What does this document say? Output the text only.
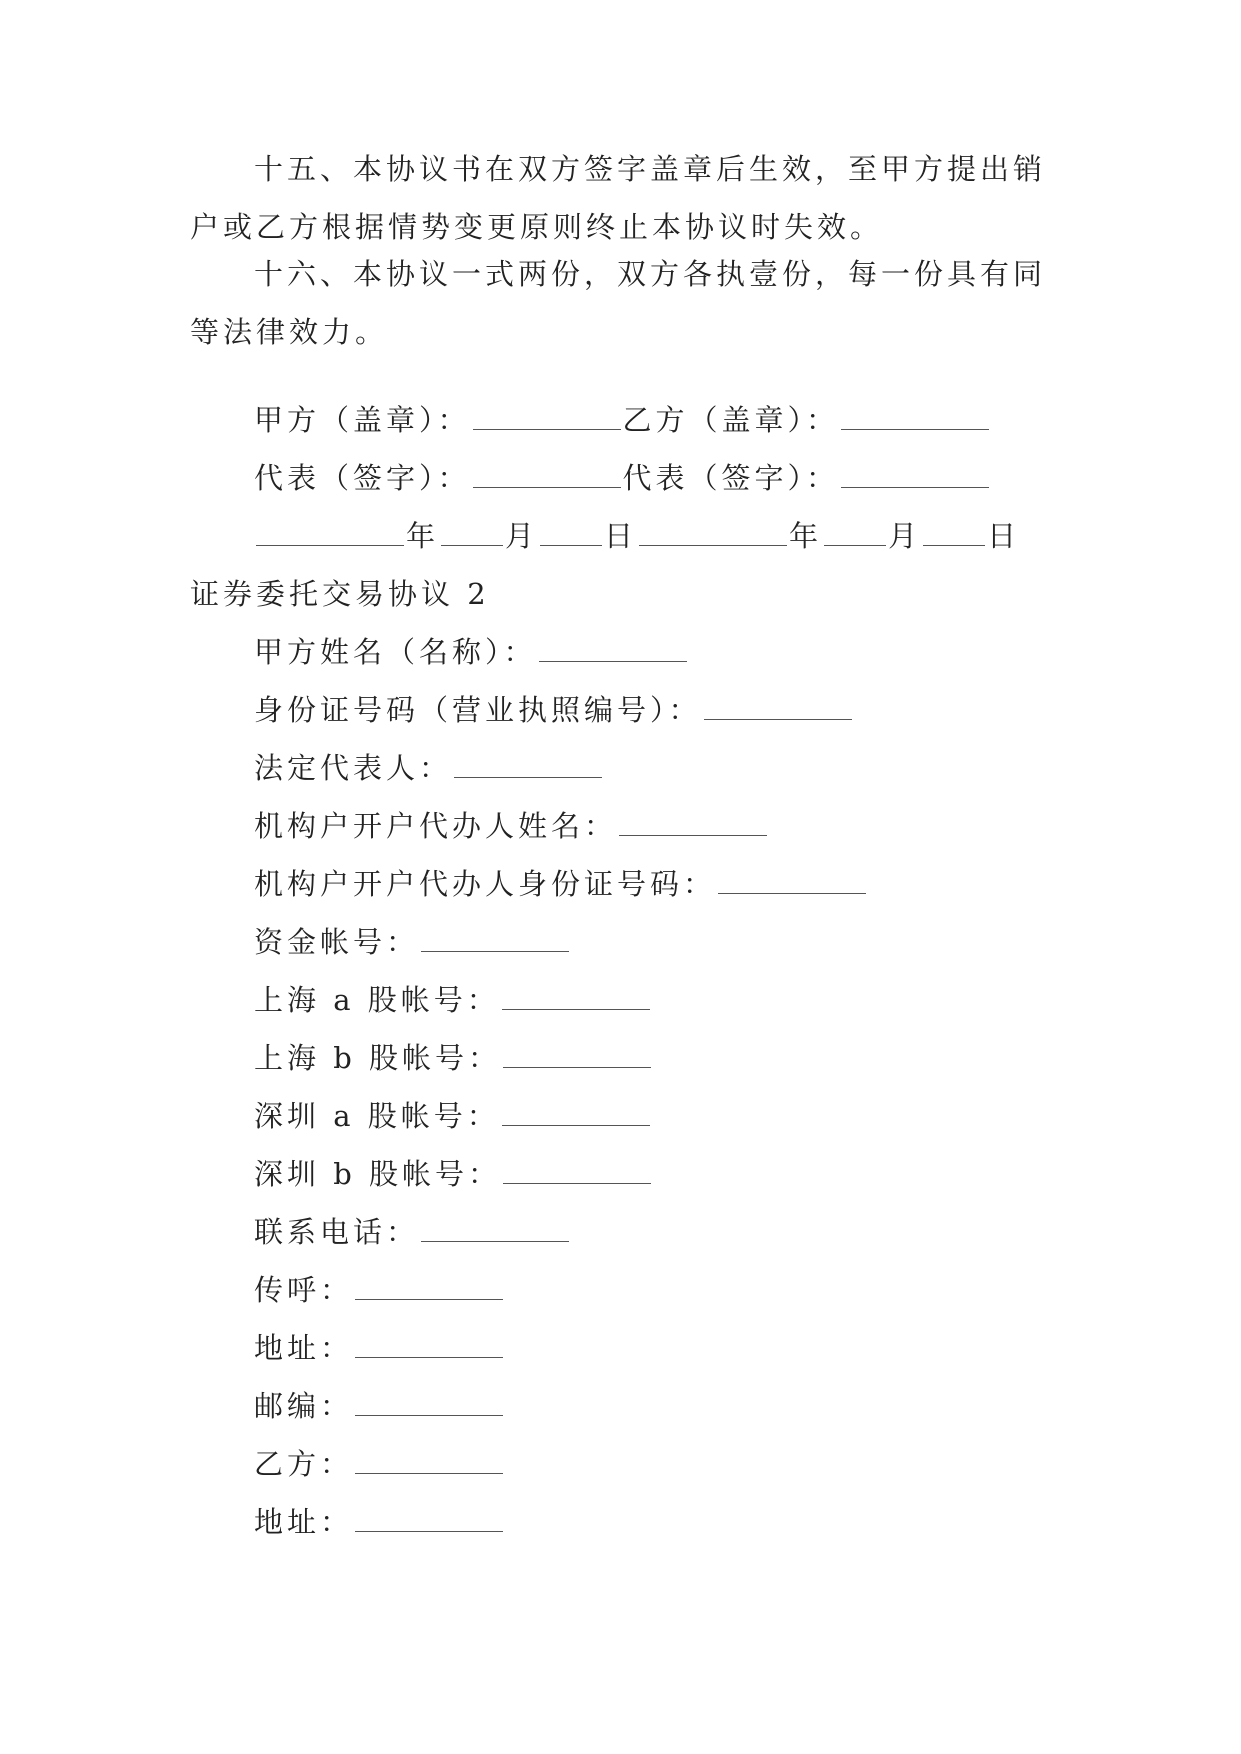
十五、本协议书在双方签字盖章后生效，至甲方提出销户或乙方根据情势变更原则终止本协议时失效。

十六、本协议一式两份，双方各执壹份，每一份具有同等法律效力。

甲方（盖章）：	乙方（盖章）：
代表（签字）：	代表（签字）：
年 月 日	年 月 日
证券委托交易协议 2
甲方姓名（名称）：
身份证号码（营业执照编号）：
法定代表人：
机构户开户代办人姓名：
机构户开户代办人身份证号码：
资金帐号：
上海 a 股帐号：
上海 b 股帐号：
深圳 a 股帐号：
深圳 b 股帐号：
联系电话：
传呼：
地址：
邮编：
乙方：
地址：
